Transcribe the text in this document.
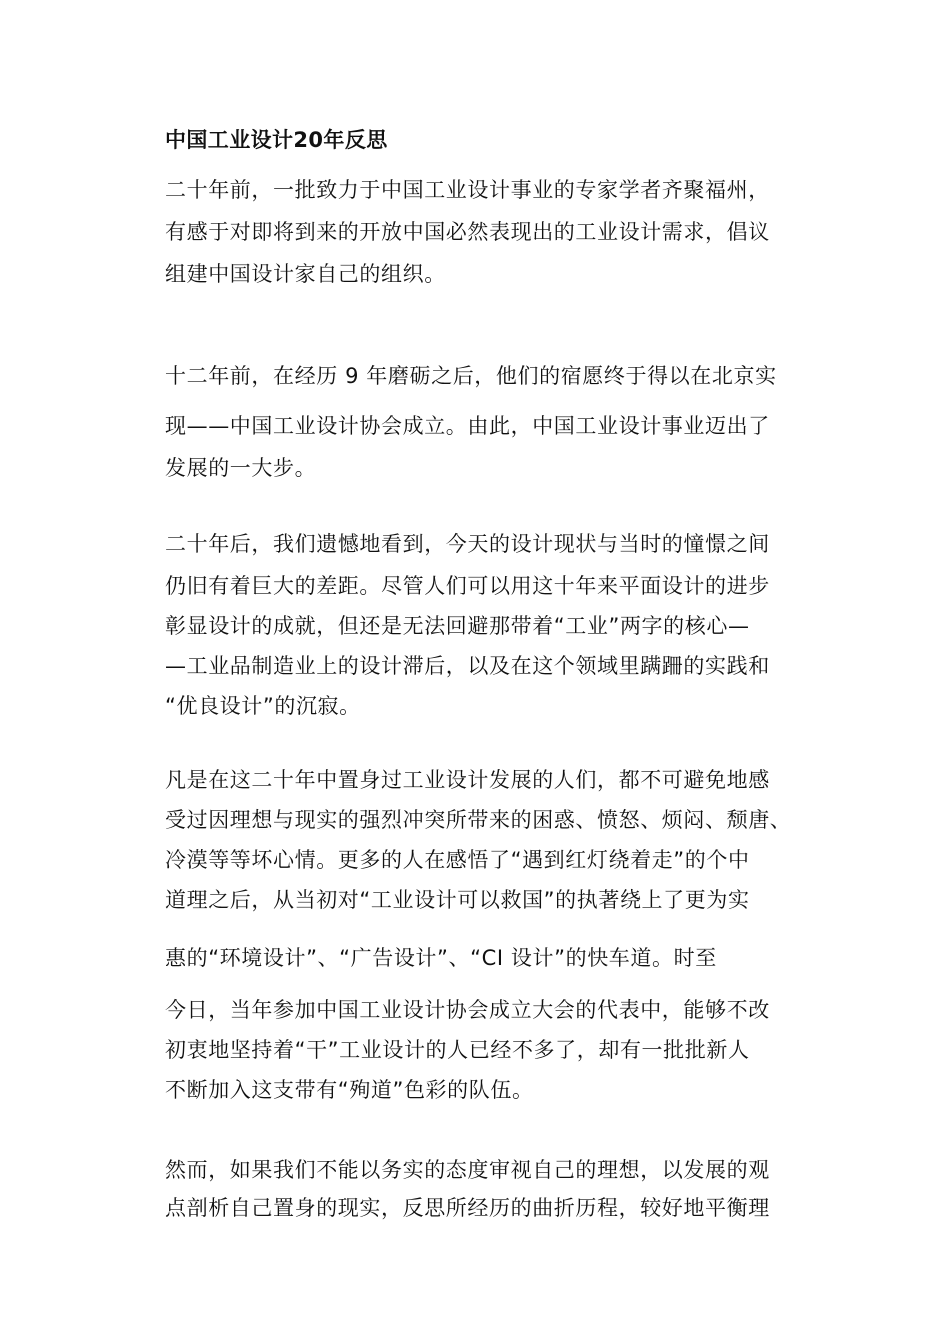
中国工业设计20年反思
二十年前，一批致力于中国工业设计事业的专家学者齐聚福州，
有感于对即将到来的开放中国必然表现出的工业设计需求，倡议
组建中国设计家自己的组织。
十二年前，在经历 9 年磨砺之后，他们的宿愿终于得以在北京实
现——中国工业设计协会成立。由此，中国工业设计事业迈出了
发展的一大步。
二十年后，我们遗憾地看到，今天的设计现状与当时的憧憬之间
仍旧有着巨大的差距。尽管人们可以用这十年来平面设计的进步
彰显设计的成就，但还是无法回避那带着“工业”两字的核心—
—工业品制造业上的设计滞后，以及在这个领域里蹒跚的实践和
“优良设计”的沉寂。
凡是在这二十年中置身过工业设计发展的人们，都不可避免地感
受过因理想与现实的强烈冲突所带来的困惑、愤怒、烦闷、颓唐、
冷漠等等坏心情。更多的人在感悟了“遇到红灯绕着走”的个中
道理之后，从当初对“工业设计可以救国”的执著绕上了更为实
惠的“环境设计”、“广告设计”、“CI 设计”的快车道。时至
今日，当年参加中国工业设计协会成立大会的代表中，能够不改
初衷地坚持着“干”工业设计的人已经不多了，却有一批批新人
不断加入这支带有“殉道”色彩的队伍。
然而，如果我们不能以务实的态度审视自己的理想，以发展的观
点剖析自己置身的现实，反思所经历的曲折历程，较好地平衡理
